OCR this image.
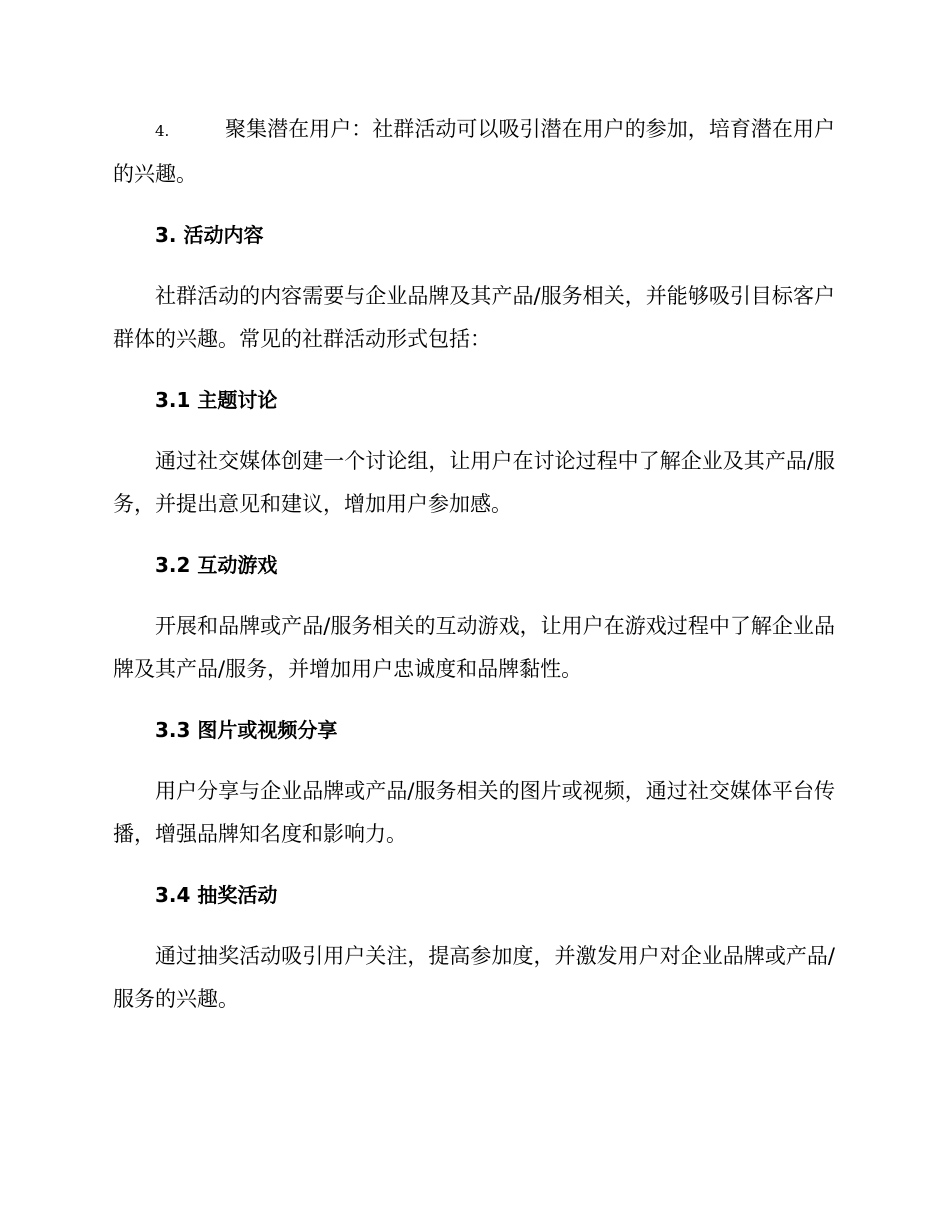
4.	聚集潜在用户：社群活动可以吸引潜在用户的参加，培育潜在用户的兴趣。

3. 活动内容

社群活动的内容需要与企业品牌及其产品/服务相关，并能够吸引目标客户群体的兴趣。常见的社群活动形式包括：

3.1 主题讨论

通过社交媒体创建一个讨论组，让用户在讨论过程中了解企业及其产品/服务，并提出意见和建议，增加用户参加感。

3.2 互动游戏

开展和品牌或产品/服务相关的互动游戏，让用户在游戏过程中了解企业品牌及其产品/服务，并增加用户忠诚度和品牌黏性。

3.3 图片或视频分享

用户分享与企业品牌或产品/服务相关的图片或视频，通过社交媒体平台传播，增强品牌知名度和影响力。

3.4 抽奖活动

通过抽奖活动吸引用户关注，提高参加度，并激发用户对企业品牌或产品/服务的兴趣。
